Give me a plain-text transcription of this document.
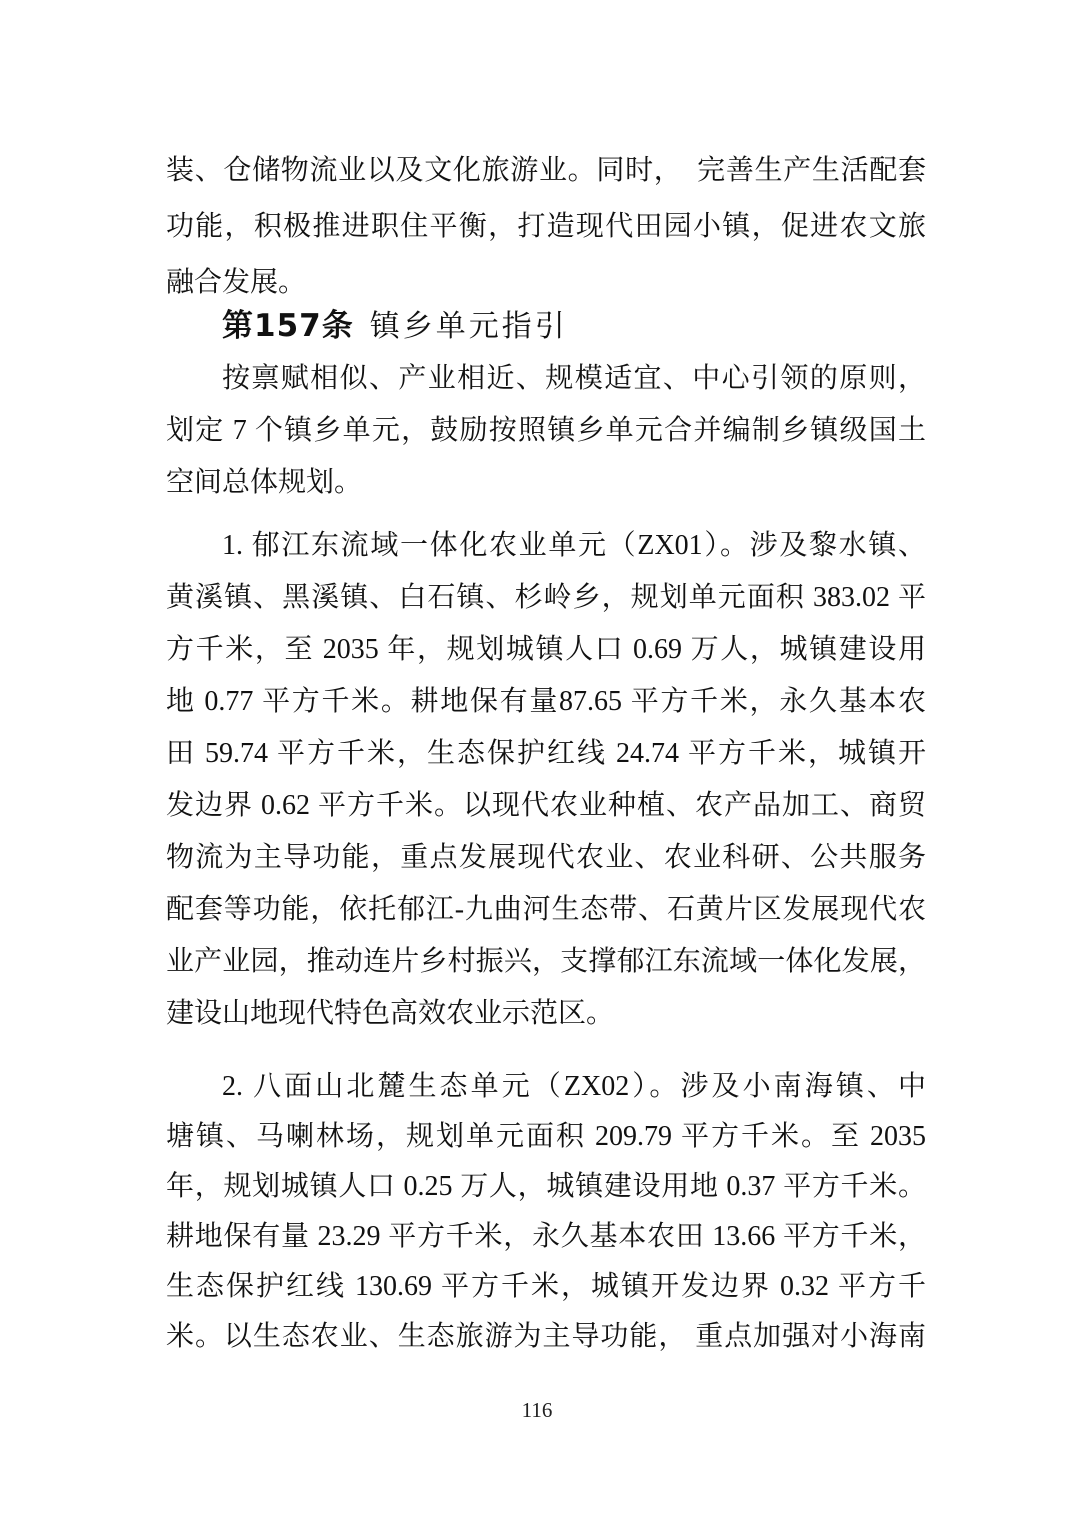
装、仓储物流业以及文化旅游业。同时，　完善生产生活配套
功能，积极推进职住平衡，打造现代田园小镇，促进农文旅
融合发展。
第157条 镇乡单元指引
按禀赋相似、产业相近、规模适宜、中心引领的原则，
划定 7 个镇乡单元，鼓励按照镇乡单元合并编制乡镇级国土
空间总体规划。
1. 郁江东流域一体化农业单元（ZX01）。涉及黎水镇、
黄溪镇、黑溪镇、白石镇、杉岭乡，规划单元面积 383.02 平
方千米，至 2035 年，规划城镇人口 0.69 万人，城镇建设用
地 0.77 平方千米。耕地保有量87.65 平方千米，永久基本农
田 59.74 平方千米，生态保护红线 24.74 平方千米，城镇开
发边界 0.62 平方千米。以现代农业种植、农产品加工、商贸
物流为主导功能，重点发展现代农业、农业科研、公共服务
配套等功能，依托郁江-九曲河生态带、石黄片区发展现代农
业产业园，推动连片乡村振兴，支撑郁江东流域一体化发展，
建设山地现代特色高效农业示范区。
2. 八面山北麓生态单元（ZX02）。涉及小南海镇、中
塘镇、马喇林场，规划单元面积 209.79 平方千米。至 2035
年，规划城镇人口 0.25 万人，城镇建设用地 0.37 平方千米。
耕地保有量 23.29 平方千米，永久基本农田 13.66 平方千米，
生态保护红线 130.69 平方千米，城镇开发边界 0.32 平方千
米。以生态农业、生态旅游为主导功能， 重点加强对小海南
116
